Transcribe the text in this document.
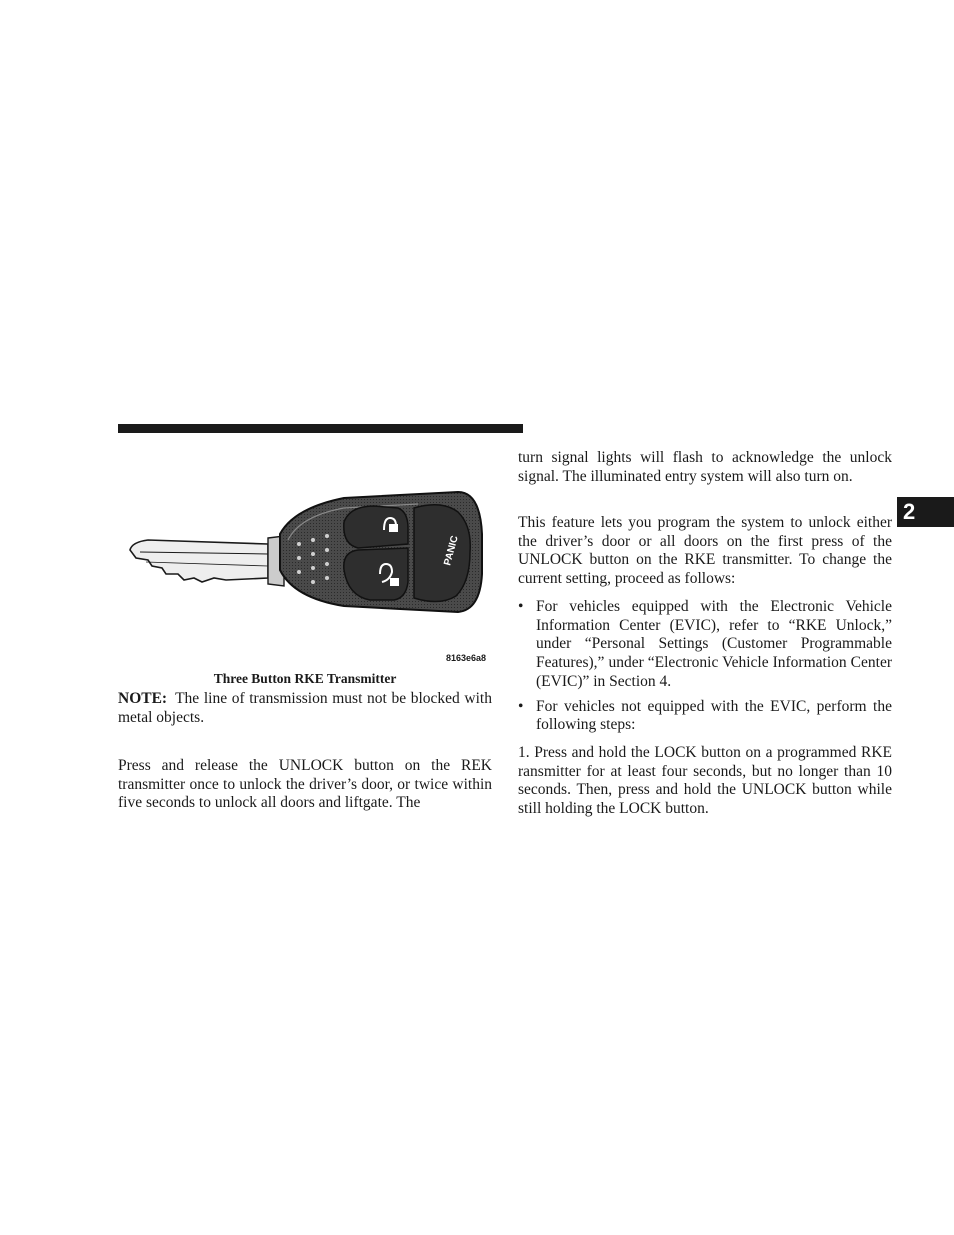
2
PANIC
8163e6a8
Three Button RKE Transmitter

NOTE: The line of transmission must not be blocked with metal objects.

Press and release the UNLOCK button on the REK transmitter once to unlock the driver’s door, or twice within five seconds to unlock all doors and liftgate. The

turn signal lights will flash to acknowledge the unlock signal. The illuminated entry system will also turn on.

This feature lets you program the system to unlock either the driver’s door or all doors on the first press of the UNLOCK button on the RKE transmitter. To change the current setting, proceed as follows:

• For vehicles equipped with the Electronic Vehicle Information Center (EVIC), refer to “RKE Unlock,” under “Personal Settings (Customer Programmable Features),” under “Electronic Vehicle Information Center (EVIC)” in Section 4.
• For vehicles not equipped with the EVIC, perform the following steps:

1. Press and hold the LOCK button on a programmed RKE ransmitter for at least four seconds, but no longer than 10 seconds. Then, press and hold the UNLOCK button while still holding the LOCK button.
